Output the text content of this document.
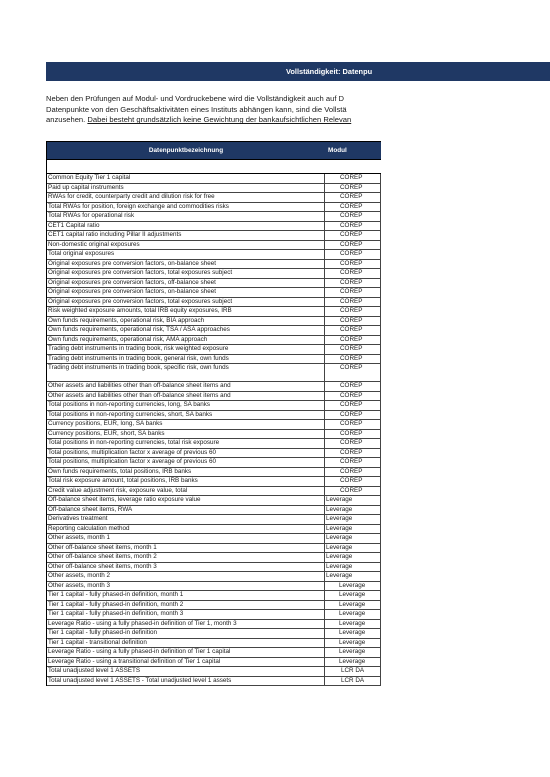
Vollständigkeit: Datenpu
Neben den Prüfungen auf Modul- und Vordruckebene wird die Vollständigkeit auch auf D
Datenpunkte von den Geschäftsaktivitäten eines Instituts abhängen kann, sind die Vollstä
anzusehen. Dabei besteht grundsätzlich keine Gewichtung der bankaufsichtlichen Relevan
Datenpunktbezeichnung	Modul
Common Equity Tier 1 capital	COREP
Paid up capital instruments	COREP
RWAs for credit, counterparty credit and dilution risk for free	COREP
Total RWAs for position, foreign exchange and commodities risks	COREP
Total RWAs for operational risk	COREP
CET1 Capital ratio	COREP
CET1 capital ratio including Pillar II adjustments	COREP
Non-domestic original exposures	COREP
Total original exposures	COREP
Original exposures pre conversion factors, on-balance sheet	COREP
Original exposures pre conversion factors, total exposures subject	COREP
Original exposures pre conversion factors, off-balance sheet	COREP
Original exposures pre conversion factors, on-balance sheet	COREP
Original exposures pre conversion factors, total exposures subject	COREP
Risk weighted exposure amounts, total IRB equity exposures, IRB	COREP
Own funds requirements, operational risk, BIA approach	COREP
Own funds requirements, operational risk, TSA / ASA approaches	COREP
Own funds requirements, operational risk, AMA approach	COREP
Trading debt instruments in trading book, risk weighted exposure	COREP
Trading debt instruments in trading book, general risk, own funds	COREP
Trading debt instruments in trading book, specific risk, own funds	COREP
Other assets and liabilities other than off-balance sheet items and	COREP
Other assets and liabilities other than off-balance sheet items and	COREP
Total positions in non-reporting currencies, long, SA banks	COREP
Total positions in non-reporting currencies, short, SA banks	COREP
Currency positions, EUR, long, SA banks	COREP
Currency positions, EUR, short, SA banks	COREP
Total positions in non-reporting currencies, total risk exposure	COREP
Total positions, multiplication factor x average of previous 60	COREP
Total positions, multiplication factor x average of previous 60	COREP
Own funds requirements, total positions, IRB banks	COREP
Total risk exposure amount, total positions, IRB banks	COREP
Credit value adjustment risk, exposure value, total	COREP
Off-balance sheet items, leverage ratio exposure value	Leverage
Off-balance sheet items, RWA	Leverage
Derivatives treatment	Leverage
Reporting calculation method	Leverage
Other assets, month 1	Leverage
Other off-balance sheet items, month 1	Leverage
Other off-balance sheet items, month 2	Leverage
Other off-balance sheet items, month 3	Leverage
Other assets, month 2	Leverage
Other assets, month 3	Leverage
Tier 1 capital - fully phased-in definition, month 1	Leverage
Tier 1 capital - fully phased-in definition, month 2	Leverage
Tier 1 capital - fully phased-in definition, month 3	Leverage
Leverage Ratio - using a fully phased-in definition of Tier 1, month 3	Leverage
Tier 1 capital - fully phased-in definition	Leverage
Tier 1 capital - transitional definition	Leverage
Leverage Ratio - using a fully phased-in definition of Tier 1 capital	Leverage
Leverage Ratio - using a transitional definition of Tier 1 capital	Leverage
Total unadjusted level 1 ASSETS	LCR DA
Total unadjusted level 1 ASSETS - Total unadjusted level 1 assets	LCR DA
